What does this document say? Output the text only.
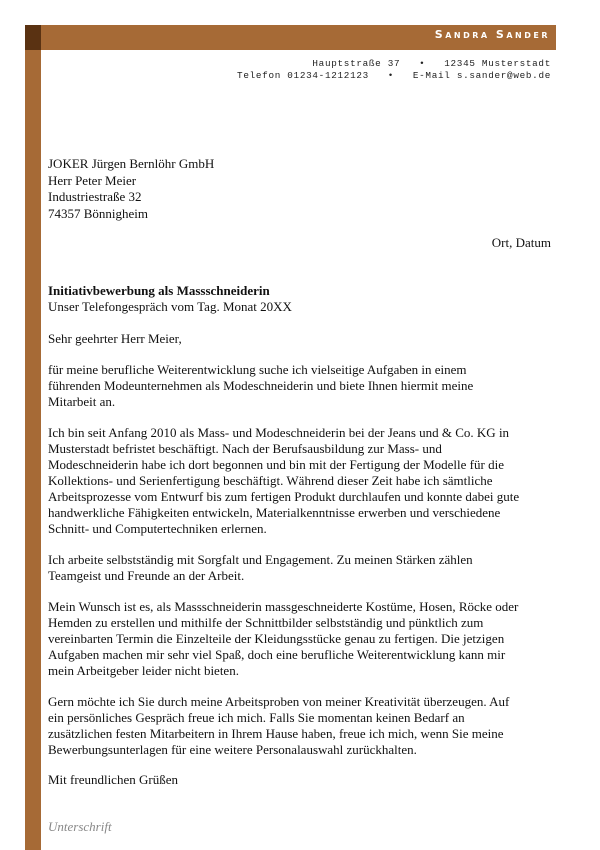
Sandra Sander
Hauptstraße 37   •   12345 Musterstadt
Telefon 01234-1212123   •   E-Mail s.sander@web.de
JOKER Jürgen Bernlöhr GmbH
Herr Peter Meier
Industriestraße 32
74357 Bönnigheim
Ort, Datum
Initiativbewerbung als Massschneiderin
Unser Telefongespräch vom Tag. Monat 20XX
Sehr geehrter Herr Meier,
für meine berufliche Weiterentwicklung suche ich vielseitige Aufgaben in einem
führenden Modeunternehmen als Modeschneiderin und biete Ihnen hiermit meine
Mitarbeit an.
Ich bin seit Anfang 2010 als Mass- und Modeschneiderin bei der Jeans und & Co. KG in
Musterstadt befristet beschäftigt. Nach der Berufsausbildung zur Mass- und
Modeschneiderin habe ich dort begonnen und bin mit der Fertigung der Modelle für die
Kollektions- und Serienfertigung beschäftigt. Während dieser Zeit habe ich sämtliche
Arbeitsprozesse vom Entwurf bis zum fertigen Produkt durchlaufen und konnte dabei gute
handwerkliche Fähigkeiten entwickeln, Materialkenntnisse erwerben und verschiedene
Schnitt- und Computertechniken erlernen.
Ich arbeite selbstständig mit Sorgfalt und Engagement. Zu meinen Stärken zählen
Teamgeist und Freunde an der Arbeit.
Mein Wunsch ist es, als Massschneiderin massgeschneiderte Kostüme, Hosen, Röcke oder
Hemden zu erstellen und mithilfe der Schnittbilder selbstständig und pünktlich zum
vereinbarten Termin die Einzelteile der Kleidungsstücke genau zu fertigen. Die jetzigen
Aufgaben machen mir sehr viel Spaß, doch eine berufliche Weiterentwicklung kann mir
mein Arbeitgeber leider nicht bieten.
Gern möchte ich Sie durch meine Arbeitsproben von meiner Kreativität überzeugen. Auf
ein persönliches Gespräch freue ich mich. Falls Sie momentan keinen Bedarf an
zusätzlichen festen Mitarbeitern in Ihrem Hause haben, freue ich mich, wenn Sie meine
Bewerbungsunterlagen für eine weitere Personalauswahl zurückhalten.
Mit freundlichen Grüßen
Unterschrift
